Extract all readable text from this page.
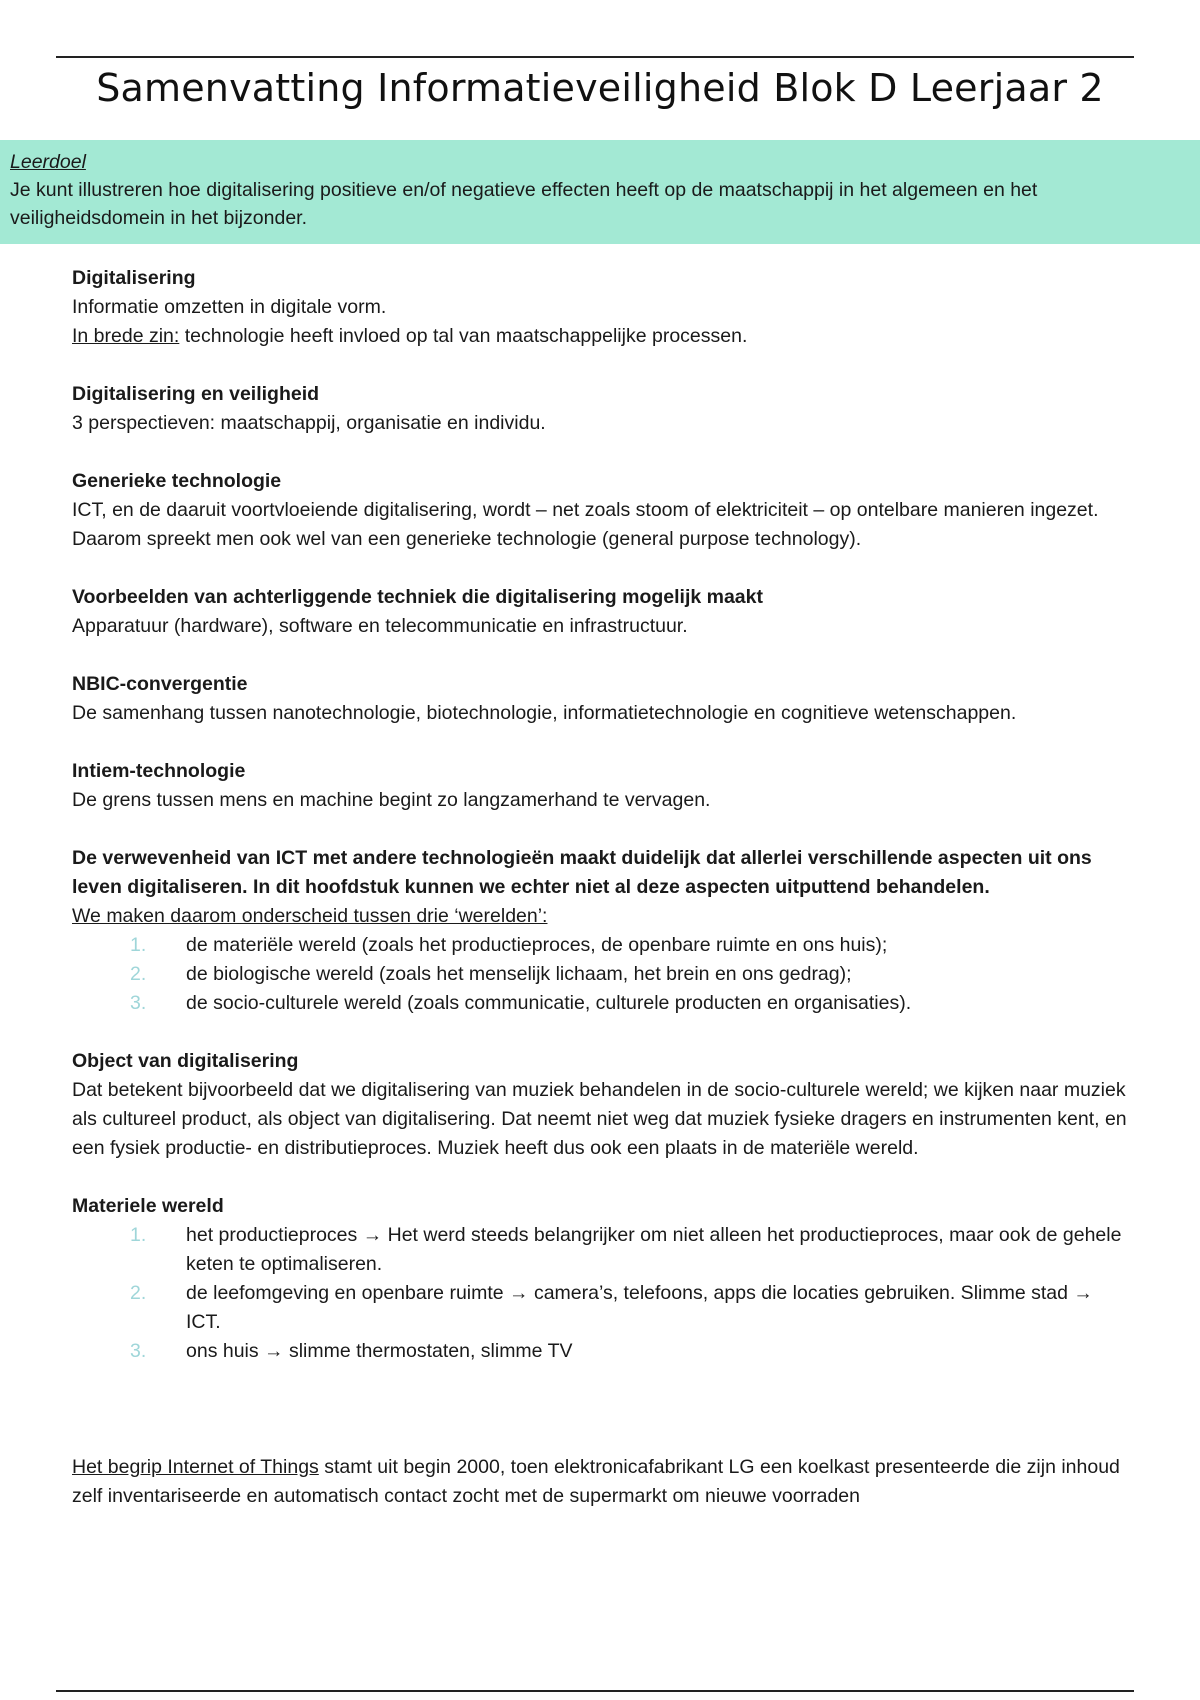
Samenvatting Informatieveiligheid Blok D Leerjaar 2
Leerdoel
Je kunt illustreren hoe digitalisering positieve en/of negatieve effecten heeft op de maatschappij in het algemeen en het veiligheidsdomein in het bijzonder.
Digitalisering
Informatie omzetten in digitale vorm.
In brede zin: technologie heeft invloed op tal van maatschappelijke processen.
Digitalisering en veiligheid
3 perspectieven: maatschappij, organisatie en individu.
Generieke technologie
ICT, en de daaruit voortvloeiende digitalisering, wordt – net zoals stoom of elektriciteit – op ontelbare manieren ingezet. Daarom spreekt men ook wel van een generieke technologie (general purpose technology).
Voorbeelden van achterliggende techniek die digitalisering mogelijk maakt
Apparatuur (hardware), software en telecommunicatie en infrastructuur.
NBIC-convergentie
De samenhang tussen nanotechnologie, biotechnologie, informatietechnologie en cognitieve wetenschappen.
Intiem-technologie
De grens tussen mens en machine begint zo langzamerhand te vervagen.
De verwevenheid van ICT met andere technologieën maakt duidelijk dat allerlei verschillende aspecten uit ons leven digitaliseren. In dit hoofdstuk kunnen we echter niet al deze aspecten uitputtend behandelen.
We maken daarom onderscheid tussen drie ‘werelden’:
1. de materiële wereld (zoals het productieproces, de openbare ruimte en ons huis);
2. de biologische wereld (zoals het menselijk lichaam, het brein en ons gedrag);
3. de socio-culturele wereld (zoals communicatie, culturele producten en organisaties).
Object van digitalisering
Dat betekent bijvoorbeeld dat we digitalisering van muziek behandelen in de socio-culturele wereld; we kijken naar muziek als cultureel product, als object van digitalisering. Dat neemt niet weg dat muziek fysieke dragers en instrumenten kent, en een fysiek productie- en distributieproces. Muziek heeft dus ook een plaats in de materiële wereld.
Materiele wereld
1. het productieproces → Het werd steeds belangrijker om niet alleen het productieproces, maar ook de gehele keten te optimaliseren.
2. de leefomgeving en openbare ruimte → camera’s, telefoons, apps die locaties gebruiken. Slimme stad → ICT.
3. ons huis → slimme thermostaten, slimme TV
Het begrip Internet of Things stamt uit begin 2000, toen elektronicafabrikant LG een koelkast presenteerde die zijn inhoud zelf inventariseerde en automatisch contact zocht met de supermarkt om nieuwe voorraden
